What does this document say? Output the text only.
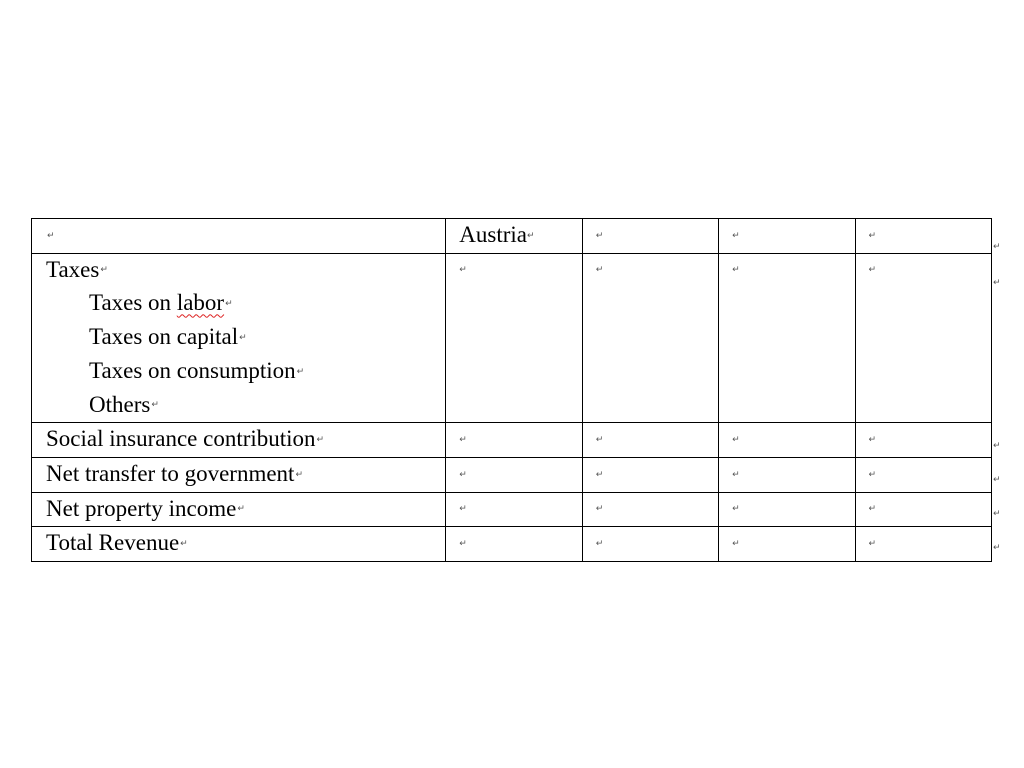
↵	Austria↵	↵	↵	↵

Taxes↵
Taxes on labor↵
Taxes on capital↵
Taxes on consumption↵
Others↵	↵	↵	↵	↵
Social insurance contribution↵	↵	↵	↵	↵
Net transfer to government↵	↵	↵	↵	↵
Net property income↵	↵	↵	↵	↵
Total Revenue↵	↵	↵	↵	↵
↵
↵
↵
↵
↵
↵
